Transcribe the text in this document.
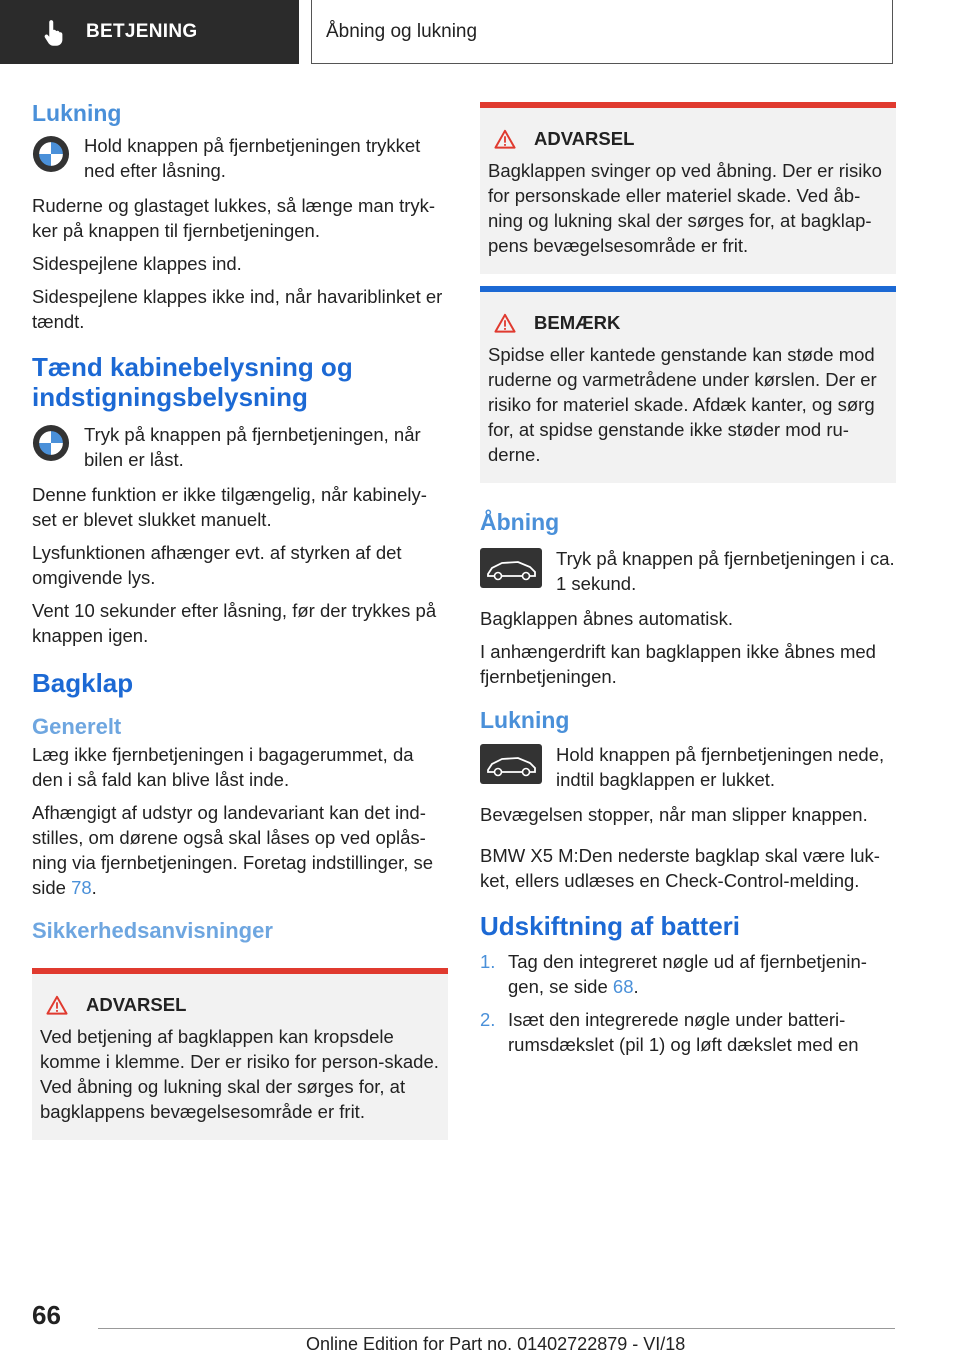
BETJENING	Åbning og lukning
Lukning
Hold knappen på fjernbetjeningen trykket ned efter låsning.

Ruderne og glastaget lukkes, så længe man tryk-ker på knappen til fjernbetjeningen.

Sidespejlene klappes ind.

Sidespejlene klappes ikke ind, når havariblinket er tændt.

Tænd kabinebelysning og indstigningsbelysning
Tryk på knappen på fjernbetjeningen, når bilen er låst.

Denne funktion er ikke tilgængelig, når kabinely-set er blevet slukket manuelt.

Lysfunktionen afhænger evt. af styrken af det omgivende lys.

Vent 10 sekunder efter låsning, før der trykkes på knappen igen.

Bagklap
Generelt

Læg ikke fjernbetjeningen i bagagerummet, da den i så fald kan blive låst inde.

Afhængigt af udstyr og landevariant kan det ind-stilles, om dørene også skal låses op ved oplås-ning via fjernbetjeningen. Foretag indstillinger, se side 78.

Sikkerhedsanvisninger
ADVARSEL

Ved betjening af bagklappen kan kropsdele komme i klemme. Der er risiko for person-skade. Ved åbning og lukning skal der sørges for, at bagklappens bevægelsesområde er frit.

ADVARSEL

Bagklappen svinger op ved åbning. Der er risiko for personskade eller materiel skade. Ved åb-ning og lukning skal der sørges for, at bagklap-pens bevægelsesområde er frit.

BEMÆRK

Spidse eller kantede genstande kan støde mod ruderne og varmetrådene under kørslen. Der er risiko for materiel skade. Afdæk kanter, og sørg for, at spidse genstande ikke støder mod ru-derne.

Åbning
Tryk på knappen på fjernbetjeningen i ca. 1 sekund.

Bagklappen åbnes automatisk.

I anhængerdrift kan bagklappen ikke åbnes med fjernbetjeningen.

Lukning
Hold knappen på fjernbetjeningen nede, indtil bagklappen er lukket.

Bevægelsen stopper, når man slipper knappen.

BMW X5 M:Den nederste bagklap skal være luk-ket, ellers udlæses en Check-Control-melding.

Udskiftning af batteri
1. Tag den integreret nøgle ud af fjernbetjenin-gen, se side 68.
2. Isæt den integrerede nøgle under batteri-rumsdækslet (pil 1) og løft dækslet med en
66
Online Edition for Part no. 01402722879 - VI/18
